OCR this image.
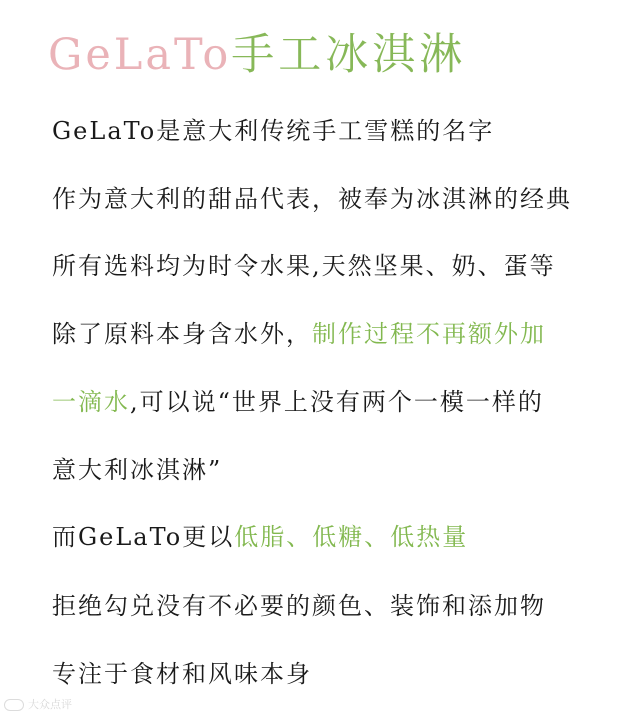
GeLaTo手工冰淇淋
GeLaTo是意大利传统手工雪糕的名字
作为意大利的甜品代表，被奉为冰淇淋的经典
所有选料均为时令水果,天然坚果、奶、蛋等
除了原料本身含水外，制作过程不再额外加
一滴水,可以说“世界上没有两个一模一样的
意大利冰淇淋”
而GeLaTo更以低脂、低糖、低热量
拒绝勾兑没有不必要的颜色、装饰和添加物
专注于食材和风味本身
大众点评
